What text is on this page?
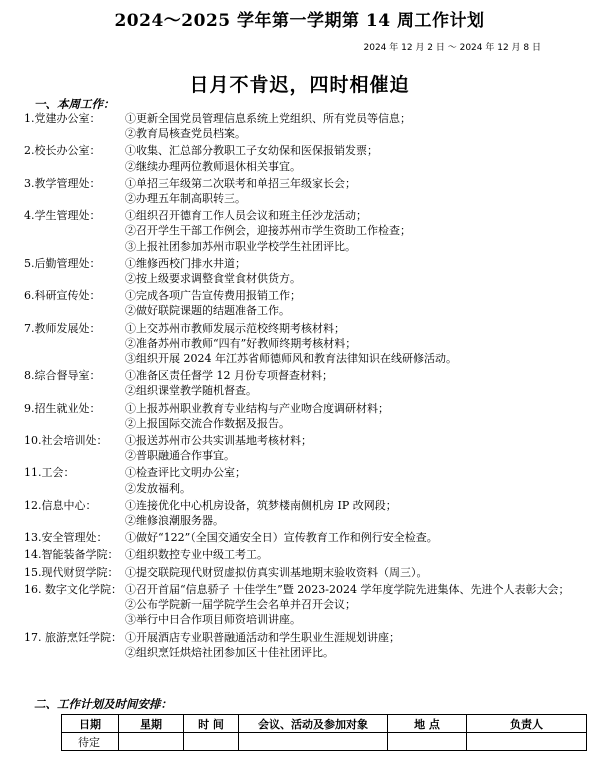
2024～2025 学年第一学期第 14 周工作计划
2024 年 12 月 2 日 ～ 2024 年 12 月 8 日
日月不肯迟，四时相催迫
一、本周工作：
1.党建办公室：	①更新全国党员管理信息系统上党组织、所有党员等信息；
②教育局核查党员档案。
2.校长办公室：	①收集、汇总部分教职工子女幼保和医保报销发票；
②继续办理两位教师退休相关事宜。
3.教学管理处：	①单招三年级第二次联考和单招三年级家长会；
②办理五年制高职转三。
4.学生管理处：	①组织召开德育工作人员会议和班主任沙龙活动；
②召开学生干部工作例会，迎接苏州市学生资助工作检查；
③上报社团参加苏州市职业学校学生社团评比。
5.后勤管理处：	①维修西校门排水井道；
②按上级要求调整食堂食材供货方。
6.科研宣传处：	①完成各项广告宣传费用报销工作；
②做好联院课题的结题准备工作。
7.教师发展处：	①上交苏州市教师发展示范校终期考核材料；
②准备苏州市教师“四有”好教师终期考核材料；
③组织开展 2024 年江苏省师德师风和教育法律知识在线研修活动。
8.综合督导室：	①准备区责任督学 12 月份专项督查材料；
②组织课堂教学随机督查。
9.招生就业处：	①上报苏州职业教育专业结构与产业吻合度调研材料；
②上报国际交流合作数据及报告。
10.社会培训处：	①报送苏州市公共实训基地考核材料；
②普职融通合作事宜。
11.工会：	①检查评比文明办公室；
②发放福利。
12.信息中心：	①连接优化中心机房设备，筑梦楼南侧机房 IP 改网段；
②维修浪潮服务器。
13.安全管理处：	①做好“122”（全国交通安全日）宣传教育工作和例行安全检查。
14.智能装备学院： ①组织数控专业中级工考工。
15.现代财贸学院： ①提交联院现代财贸虚拟仿真实训基地期末验收资料（周三）。
16. 数字文化学院： ①召开首届“信息骄子 十佳学生”暨 2023-2024 学年度学院先进集体、先进个人表彰大会；
②公布学院新一届学院学生会名单并召开会议；
③举行中日合作项目师资培训讲座。
17. 旅游烹饪学院： ①开展酒店专业职普融通活动和学生职业生涯规划讲座；
②组织烹饪烘焙社团参加区十佳社团评比。
二、工作计划及时间安排：
日期	星期	时 间	会议、活动及参加对象	地 点	负责人
待定					
